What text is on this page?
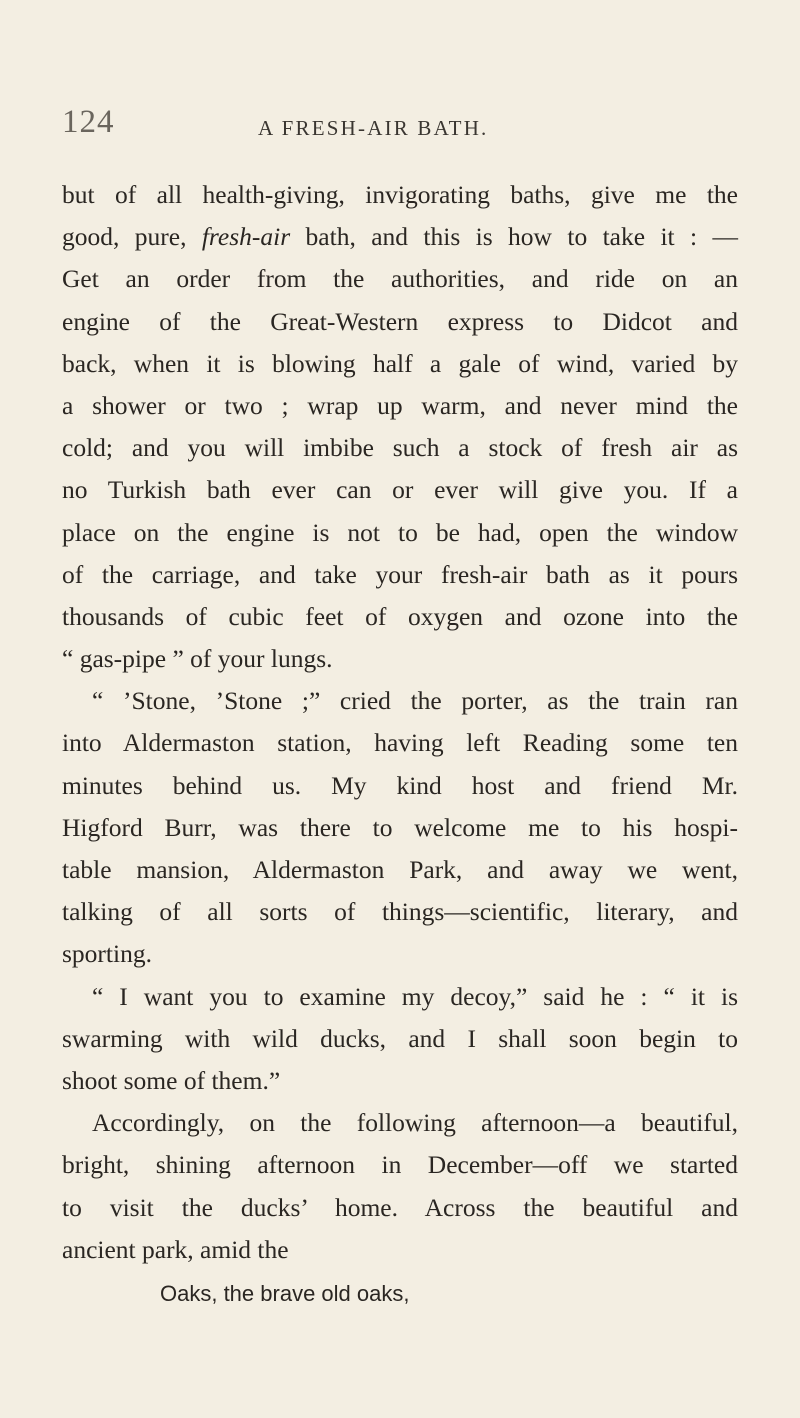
124	A FRESH-AIR BATH.
but of all health-giving, invigorating baths, give me the
good, pure, fresh-air bath, and this is how to take it : —
Get an order from the authorities, and ride on an
engine of the Great-Western express to Didcot and
back, when it is blowing half a gale of wind, varied by
a shower or two ; wrap up warm, and never mind the
cold; and you will imbibe such a stock of fresh air as
no Turkish bath ever can or ever will give you. If a
place on the engine is not to be had, open the window
of the carriage, and take your fresh-air bath as it pours
thousands of cubic feet of oxygen and ozone into the
“ gas-pipe ” of your lungs.
“ ’Stone, ’Stone ;” cried the porter, as the train ran
into Aldermaston station, having left Reading some ten
minutes behind us. My kind host and friend Mr.
Higford Burr, was there to welcome me to his hospi-
table mansion, Aldermaston Park, and away we went,
talking of all sorts of things—scientific, literary, and
sporting.
“ I want you to examine my decoy,” said he : “ it is
swarming with wild ducks, and I shall soon begin to
shoot some of them.”
Accordingly, on the following afternoon—a beautiful,
bright, shining afternoon in December—off we started
to visit the ducks’ home. Across the beautiful and
ancient park, amid the
Oaks, the brave old oaks,
